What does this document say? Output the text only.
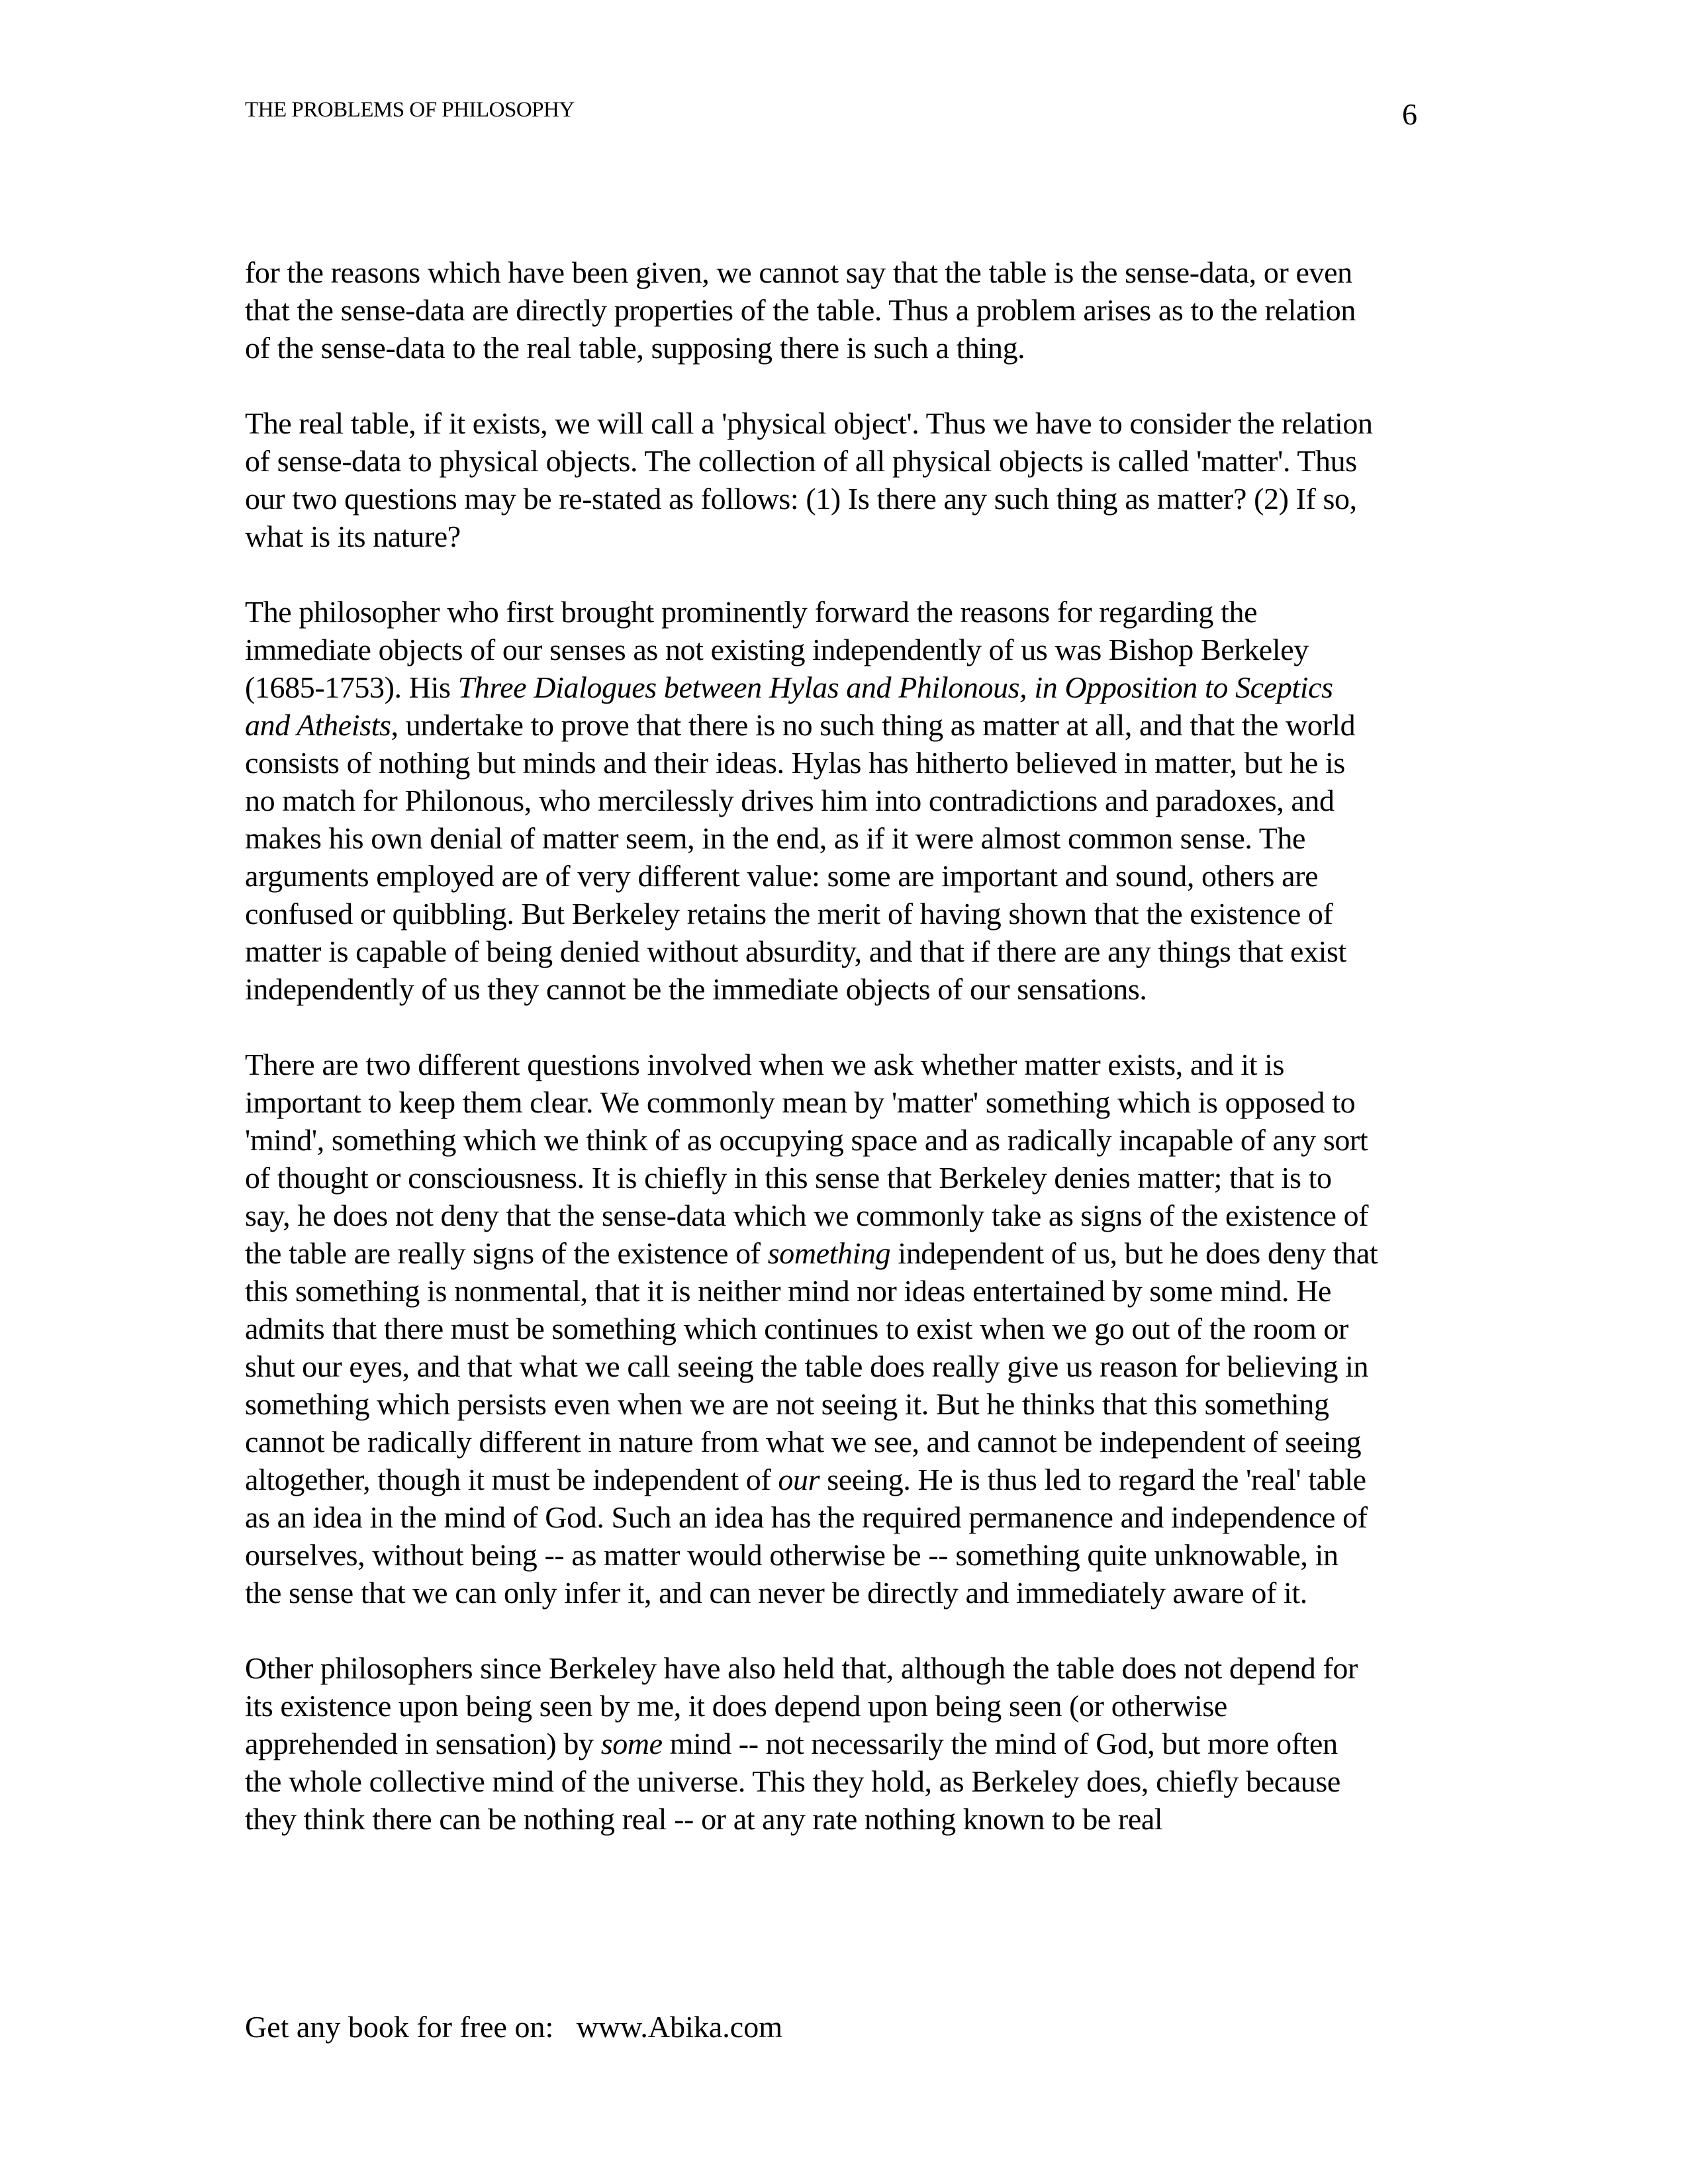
THE PROBLEMS OF PHILOSOPHY	6

for the reasons which have been given, we cannot say that the table is the sense-data, or even that the sense-data are directly properties of the table. Thus a problem arises as to the relation of the sense-data to the real table, supposing there is such a thing.

The real table, if it exists, we will call a 'physical object'. Thus we have to consider the relation of sense-data to physical objects. The collection of all physical objects is called 'matter'. Thus our two questions may be re-stated as follows: (1) Is there any such thing as matter? (2) If so, what is its nature?

The philosopher who first brought prominently forward the reasons for regarding the immediate objects of our senses as not existing independently of us was Bishop Berkeley (1685-1753). His Three Dialogues between Hylas and Philonous, in Opposition to Sceptics and Atheists, undertake to prove that there is no such thing as matter at all, and that the world consists of nothing but minds and their ideas. Hylas has hitherto believed in matter, but he is no match for Philonous, who mercilessly drives him into contradictions and paradoxes, and makes his own denial of matter seem, in the end, as if it were almost common sense. The arguments employed are of very different value: some are important and sound, others are confused or quibbling. But Berkeley retains the merit of having shown that the existence of matter is capable of being denied without absurdity, and that if there are any things that exist independently of us they cannot be the immediate objects of our sensations.

There are two different questions involved when we ask whether matter exists, and it is important to keep them clear. We commonly mean by 'matter' something which is opposed to 'mind', something which we think of as occupying space and as radically incapable of any sort of thought or consciousness. It is chiefly in this sense that Berkeley denies matter; that is to say, he does not deny that the sense-data which we commonly take as signs of the existence of the table are really signs of the existence of something independent of us, but he does deny that this something is nonmental, that it is neither mind nor ideas entertained by some mind. He admits that there must be something which continues to exist when we go out of the room or shut our eyes, and that what we call seeing the table does really give us reason for believing in something which persists even when we are not seeing it. But he thinks that this something cannot be radically different in nature from what we see, and cannot be independent of seeing altogether, though it must be independent of our seeing. He is thus led to regard the 'real' table as an idea in the mind of God. Such an idea has the required permanence and independence of ourselves, without being -- as matter would otherwise be -- something quite unknowable, in the sense that we can only infer it, and can never be directly and immediately aware of it.

Other philosophers since Berkeley have also held that, although the table does not depend for its existence upon being seen by me, it does depend upon being seen (or otherwise apprehended in sensation) by some mind -- not necessarily the mind of God, but more often the whole collective mind of the universe. This they hold, as Berkeley does, chiefly because they think there can be nothing real -- or at any rate nothing known to be real

Get any book for free on:   www.Abika.com
